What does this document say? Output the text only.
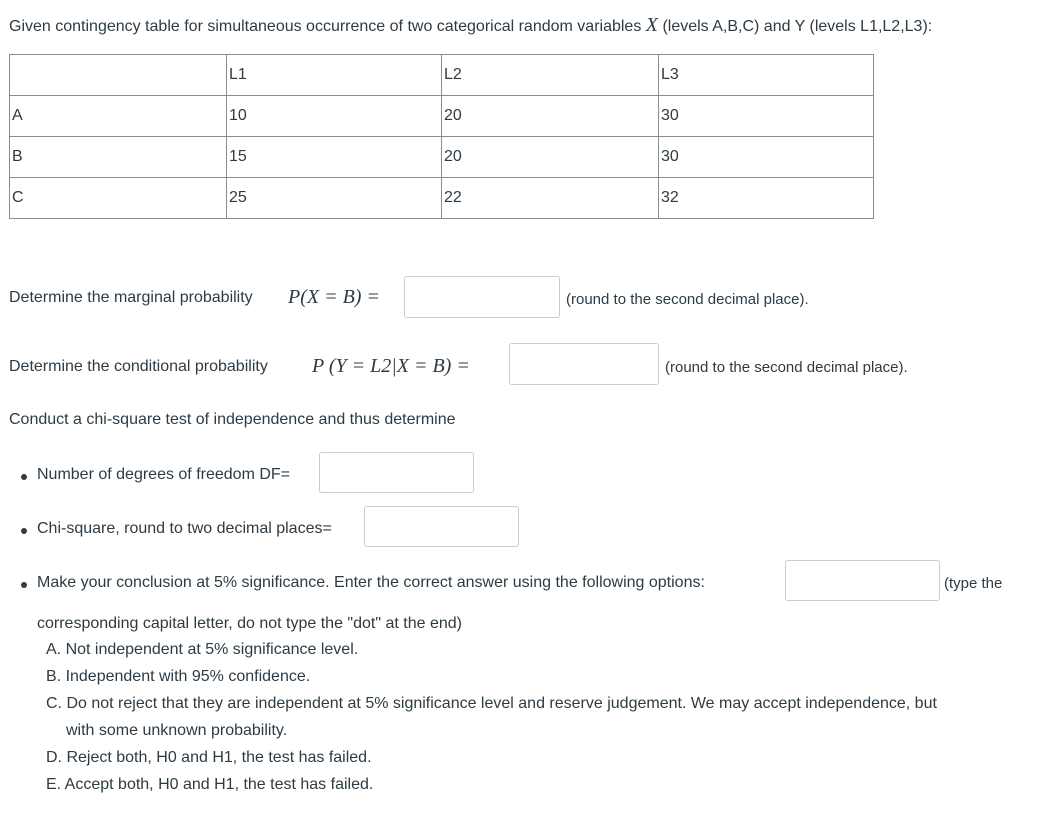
Given contingency table for simultaneous occurrence of two categorical random variables X (levels A,B,C) and Y (levels L1,L2,L3):
	L1	L2	L3
A	10	20	30
B	15	20	30
C	25	22	32
Determine the marginal probability P(X = B) =	(round to the second decimal place).
Determine the conditional probability P (Y = L2|X = B) =	(round to the second decimal place).
Conduct a chi-square test of independence and thus determine
Number of degrees of freedom DF=
Chi-square, round to two decimal places=
Make your conclusion at 5% significance. Enter the correct answer using the following options:	(type the
corresponding capital letter, do not type the "dot" at the end)
A. Not independent at 5% significance level.
B. Independent with 95% confidence.
C. Do not reject that they are independent at 5% significance level and reserve judgement. We may accept independence, but
with some unknown probability.
D. Reject both, H0 and H1, the test has failed.
E. Accept both, H0 and H1, the test has failed.
